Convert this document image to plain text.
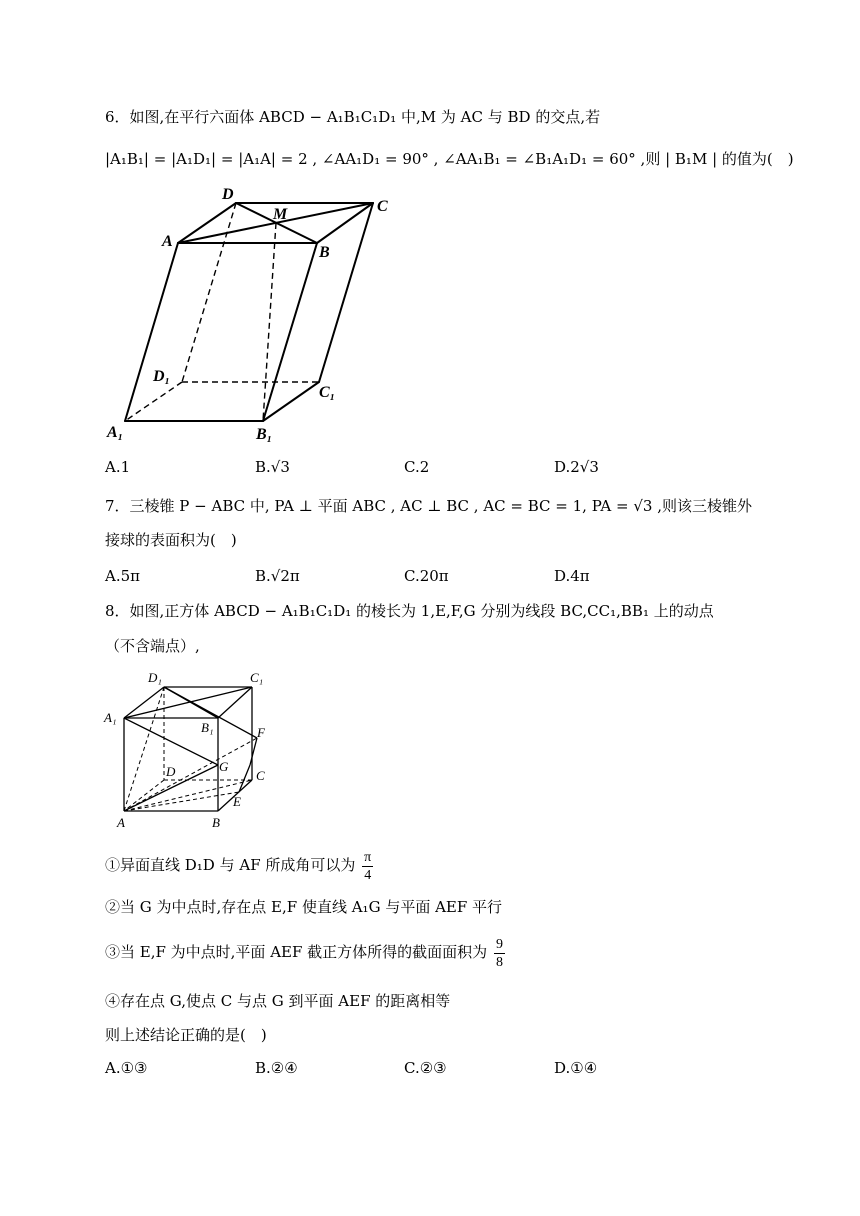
6．如图,在平行六面体 ABCD − A₁B₁C₁D₁ 中,M 为 AC 与 BD 的交点,若
|A₁B₁| = |A₁D₁| = |A₁A| = 2 , ∠AA₁D₁ = 90° , ∠AA₁B₁ = ∠B₁A₁D₁ = 60° ,则 | B₁M | 的值为(　)
D
M	C
A
B
D₁
C₁
A₁	B₁
A.1	B.√3	C.2	D.2√3
7．三棱锥 P − ABC 中, PA ⊥ 平面 ABC , AC ⊥ BC , AC = BC = 1, PA = √3 ,则该三棱锥外
接球的表面积为(　)
A.5π	B.√2π	C.20π	D.4π
8．如图,正方体 ABCD − A₁B₁C₁D₁ 的棱长为 1,E,F,G 分别为线段 BC,CC₁,BB₁ 上的动点
（不含端点）,
D₁	C₁
A₁
B₁	F
G
D	C
E
A	B
①异面直线 D₁D 与 AF 所成角可以为 $\frac{\pi}{4}$
②当 G 为中点时,存在点 E,F 使直线 A₁G 与平面 AEF 平行
③当 E,F 为中点时,平面 AEF 截正方体所得的截面面积为 $\frac{9}{8}$
④存在点 G,使点 C 与点 G 到平面 AEF 的距离相等
则上述结论正确的是(　)
A.①③	B.②④	C.②③	D.①④
